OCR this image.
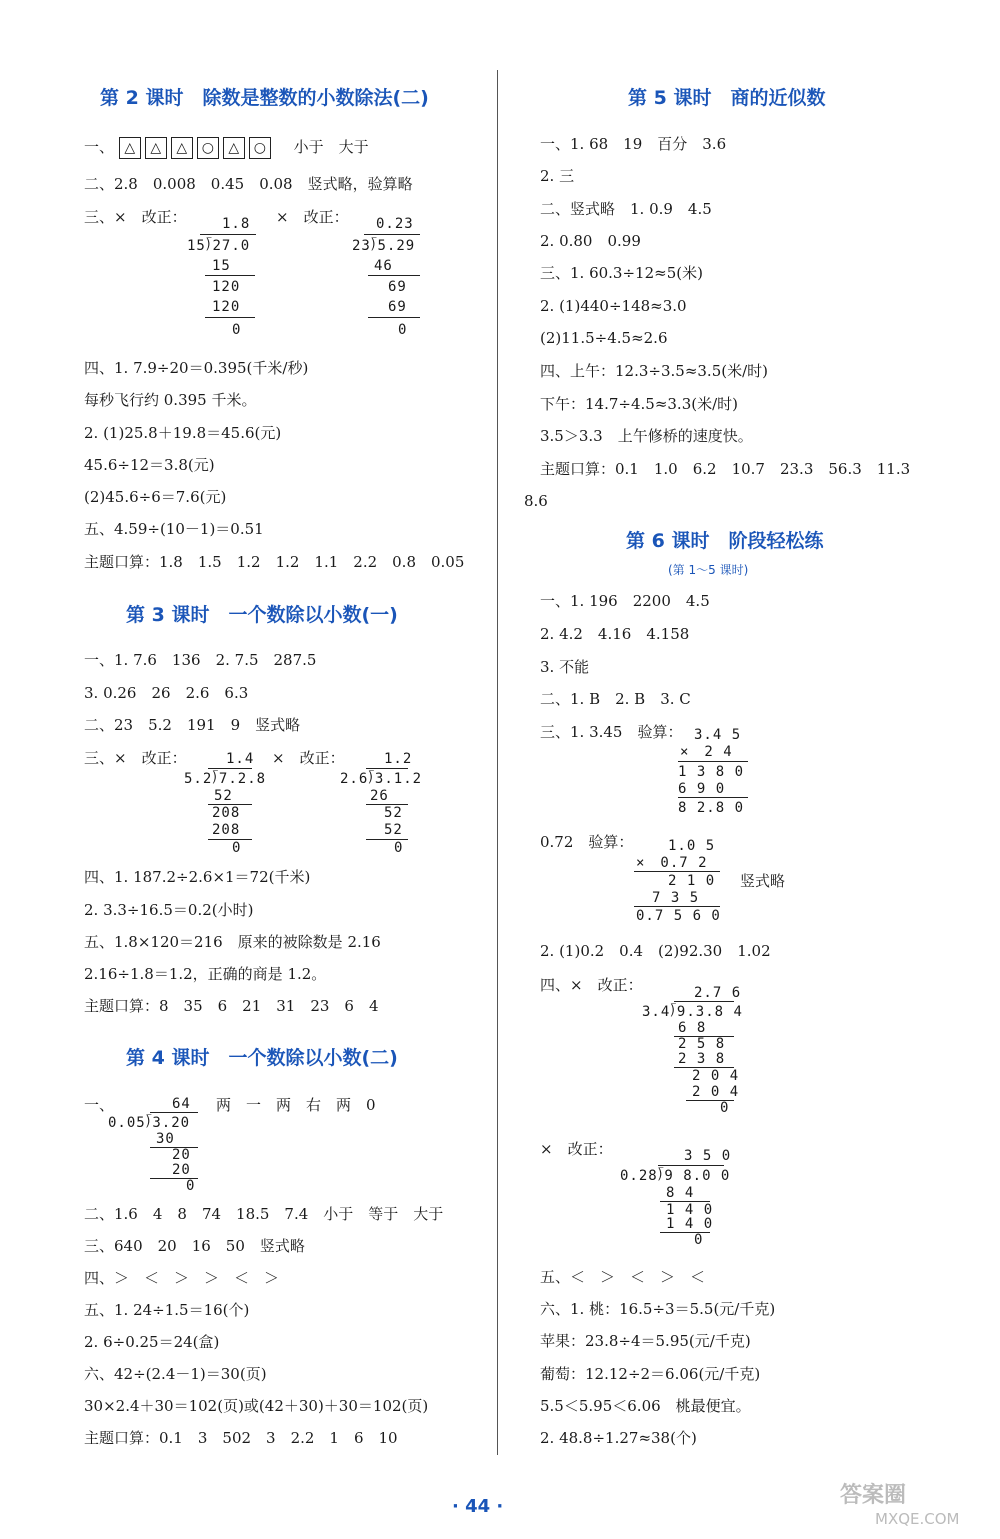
第 2 课时　除数是整数的小数除法(二)
一、 △ △ △ ○ △ ○ 小于　大于
二、2.8　0.008　0.45　0.08　竖式略，验算略
三、×　改正：	×　改正：
1.8
15⟌27.0
15
120
120
0
0.23
23⟌5.29
46
69
69
0
四、1. 7.9÷20＝0.395(千米/秒)
每秒飞行约 0.395 千米。
2. (1)25.8＋19.8＝45.6(元)
45.6÷12＝3.8(元)
(2)45.6÷6＝7.6(元)
五、4.59÷(10－1)＝0.51
主题口算：1.8　1.5　1.2　1.2　1.1　2.2　0.8　0.05
第 3 课时　一个数除以小数(一)
一、1. 7.6　136　2. 7.5　287.5
3. 0.26　26　2.6　6.3
二、23　5.2　191　9　竖式略
三、×　改正：	×　改正：
1.4
5.2⟌7.2.8
52
208
208
0
1.2
2.6⟌3.1.2
26
52
52
0
四、1. 187.2÷2.6×1＝72(千米)
2. 3.3÷16.5＝0.2(小时)
五、1.8×120＝216　原来的被除数是 2.16
2.16÷1.8＝1.2，正确的商是 1.2。
主题口算：8　35　6　21　31　23　6　4
第 4 课时　一个数除以小数(二)
一、	两　一　两　右　两　0
64
0.05⟌3.20
30
20
20
0
二、1.6　4　8　74　18.5　7.4　小于　等于　大于
三、640　20　16　50　竖式略
四、＞　＜　＞　＞　＜　＞
五、1. 24÷1.5＝16(个)
2. 6÷0.25＝24(盒)
六、42÷(2.4－1)＝30(页)
30×2.4＋30＝102(页)或(42＋30)＋30＝102(页)
主题口算：0.1　3　502　3　2.2　1　6　10
第 5 课时　商的近似数
一、1. 68　19　百分　3.6
2. 三
二、竖式略　1. 0.9　4.5
2. 0.80　0.99
三、1. 60.3÷12≈5(米)
2. (1)440÷148≈3.0
(2)11.5÷4.5≈2.6
四、上午：12.3÷3.5≈3.5(米/时)
下午：14.7÷4.5≈3.3(米/时)
3.5＞3.3　上午修桥的速度快。
主题口算：0.1　1.0　6.2　10.7　23.3　56.3　11.3
8.6
第 6 课时　阶段轻松练
(第 1～5 课时)
一、1. 196　2200　4.5
2. 4.2　4.16　4.158
3. 不能
二、1. B　2. B　3. C
三、1. 3.45　验算： 3.4 5
×　2 4
1 3 8 0
6 9 0
8 2.8 0
0.72　验算：
竖式略
1.0 5
×　0.7 2
2 1 0
7 3 5
0.7 5 6 0
2. (1)0.2　0.4　(2)92.30　1.02
四、×　改正：	2.7 6
3.4⟌9.3.8 4
6 8
2 5 8
2 3 8
2 0 4
2 0 4
0
×　改正：	3 5 0
0.28⟌9 8.0 0
8 4
1 4 0
1 4 0
0
五、＜　＞　＜　＞　＜
六、1. 桃：16.5÷3＝5.5(元/千克)
苹果：23.8÷4＝5.95(元/千克)
葡萄：12.12÷2＝6.06(元/千克)
5.5＜5.95＜6.06　桃最便宜。
2. 48.8÷1.27≈38(个)
· 44 ·	答案圈
MXQE.COM
